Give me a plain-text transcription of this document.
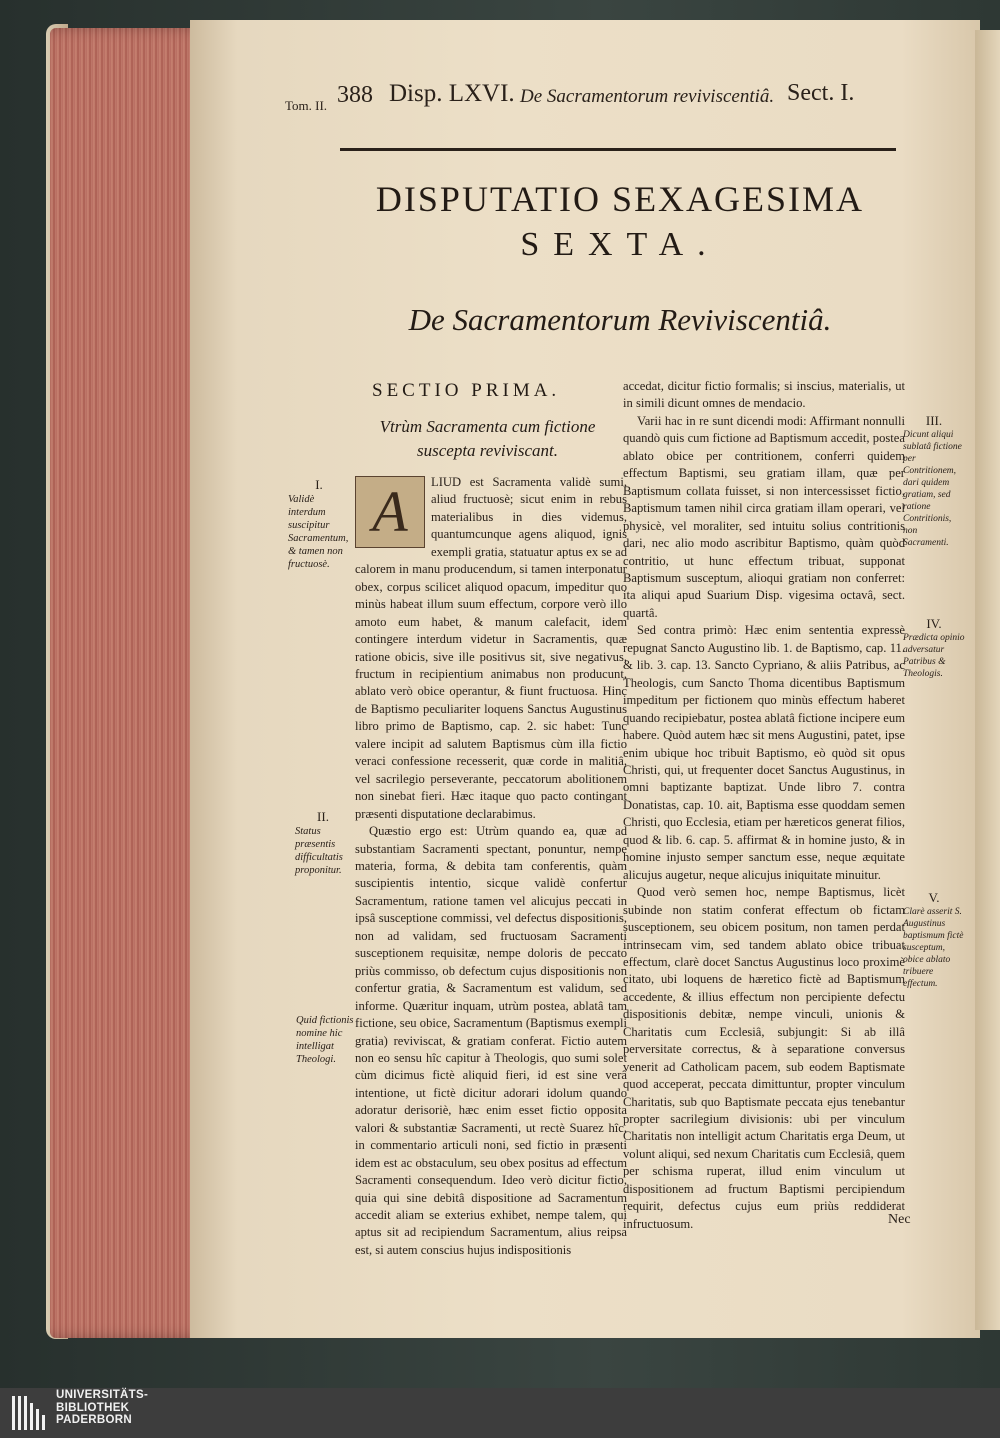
Tom. II. 388 Disp. LXVI. De Sacramentorum reviviscentiâ. Sect. I.
DISPUTATIO SEXAGESIMA
SEXTA.
De Sacramentorum Reviviscentiâ.
SECTIO PRIMA.
Vtrùm Sacramenta cum fictione
suscepta reviviscant.
A	LIUD est Sacramenta validè sumi, aliud fructuosè; sicut enim in rebus materialibus in dies videmus, quantumcunque agens aliquod, ignis exempli gratia, statuatur aptus ex se ad calorem in manu producendum, si tamen interponatur obex, corpus scilicet aliquod opacum, impeditur quo minùs habeat illum suum effectum, corpore verò illo amoto eum habet, & manum calefacit, idem contingere interdum videtur in Sacramentis, quæ ratione obicis, sive ille positivus sit, sive negativus, fructum in recipientium animabus non producunt, ablato verò obice operantur, & fiunt fructuosa. Hinc de Baptismo peculiariter loquens Sanctus Augustinus libro primo de Baptismo, cap. 2. sic habet: Tunc valere incipit ad salutem Baptismus cùm illa fictio veraci confessione recesserit, quæ corde in malitiâ, vel sacrilegio perseverante, peccatorum abolitionem non sinebat fieri. Hæc itaque quo pacto contingant præsenti disputatione declarabimus.

Quæstio ergo est: Utrùm quando ea, quæ ad substantiam Sacramenti spectant, ponuntur, nempe materia, forma, & debita tam conferentis, quàm suscipientis intentio, sicque validè confertur Sacramentum, ratione tamen vel alicujus peccati in ipsâ susceptione commissi, vel defectus dispositionis, non ad validam, sed fructuosam Sacramenti susceptionem requisitæ, nempe doloris de peccato priùs commisso, ob defectum cujus dispositionis non confertur gratia, & Sacramentum est validum, sed informe. Quæritur inquam, utrùm postea, ablatâ tam fictione, seu obice, Sacramentum (Baptismus exempli gratia) reviviscat, & gratiam conferat. Fictio autem non eo sensu hîc capitur à Theologis, quo sumi solet cùm dicimus fictè aliquid fieri, id est sine verâ intentione, ut fictè dicitur adorari idolum quando adoratur derisoriè, hæc enim esset fictio opposita valori & substantiæ Sacramenti, ut rectè Suarez hîc, in commentario articuli noni, sed fictio in præsenti idem est ac obstaculum, seu obex positus ad effectum Sacramenti consequendum. Ideo verò dicitur fictio, quia qui sine debitâ dispositione ad Sacramentum accedit aliam se exterius exhibet, nempe talem, qui aptus sit ad recipiendum Sacramentum, alius reipsa est, si autem conscius hujus indispositionis

accedat, dicitur fictio formalis; si inscius, materialis, ut in simili dicunt omnes de mendacio.

Varii hac in re sunt dicendi modi: Affirmant nonnulli quandò quis cum fictione ad Baptismum accedit, postea ablato obice per contritionem, conferri quidem effectum Baptismi, seu gratiam illam, quæ per Baptismum collata fuisset, si non intercessisset fictio, Baptismum tamen nihil circa gratiam illam operari, vel physicè, vel moraliter, sed intuitu solius contritionis dari, nec alio modo ascribitur Baptismo, quàm quòd contritio, ut hunc effectum tribuat, supponat Baptismum susceptum, alioqui gratiam non conferret: ita aliqui apud Suarium Disp. vigesima octavâ, sect. quartâ.

Sed contra primò: Hæc enim sententia expressè repugnat Sancto Augustino lib. 1. de Baptismo, cap. 11. & lib. 3. cap. 13. Sancto Cypriano, & aliis Patribus, ac Theologis, cum Sancto Thoma dicentibus Baptismum impeditum per fictionem quo minùs effectum haberet quando recipiebatur, postea ablatâ fictione incipere eum habere. Quòd autem hæc sit mens Augustini, patet, ipse enim ubique hoc tribuit Baptismo, eò quòd sit opus Christi, qui, ut frequenter docet Sanctus Augustinus, in omni baptizante baptizat. Unde libro 7. contra Donatistas, cap. 10. ait, Baptisma esse quoddam semen Christi, quo Ecclesia, etiam per hæreticos generat filios, quod & lib. 6. cap. 5. affirmat & in homine justo, & in homine injusto semper sanctum esse, neque æquitate alicujus augetur, neque alicujus iniquitate minuitur.

Quod verò semen hoc, nempe Baptismus, licèt subinde non statim conferat effectum ob fictam susceptionem, seu obicem positum, non tamen perdat intrinsecam vim, sed tandem ablato obice tribuat effectum, clarè docet Sanctus Augustinus loco proximè citato, ubi loquens de hæretico fictè ad Baptismum accedente, & illius effectum non percipiente defectu dispositionis debitæ, nempe vinculi, unionis & Charitatis cum Ecclesiâ, subjungit: Si ab illâ perversitate correctus, & à separatione conversus venerit ad Catholicam pacem, sub eodem Baptismate quod acceperat, peccata dimittuntur, propter vinculum Charitatis, sub quo Baptismate peccata ejus tenebantur propter sacrilegium divisionis: ubi per vinculum Charitatis non intelligit actum Charitatis erga Deum, ut volunt aliqui, sed nexum Charitatis cum Ecclesiâ, quem per schisma ruperat, illud enim vinculum ut dispositionem ad fructum Baptismi percipiendum requirit, defectus cujus eum priùs reddiderat infructuosum.

I.
Validè interdum suscipitur Sacramentum, & tamen non fructuosè.
II.
Status præsentis difficultatis proponitur.
Quid fictionis nomine hic intelligat Theologi.
III.
Dicunt aliqui sublatâ fictione per Contritionem, dari quidem gratiam, sed ratione Contritionis, non Sacramenti.
IV.
Prædicta opinio adversatur Patribus & Theologis.
V.
Clarè asserit S. Augustinus baptismum fictè susceptum, obice ablato tribuere effectum.
Nec
UNIVERSITÄTS-
BIBLIOTHEK
PADERBORN
